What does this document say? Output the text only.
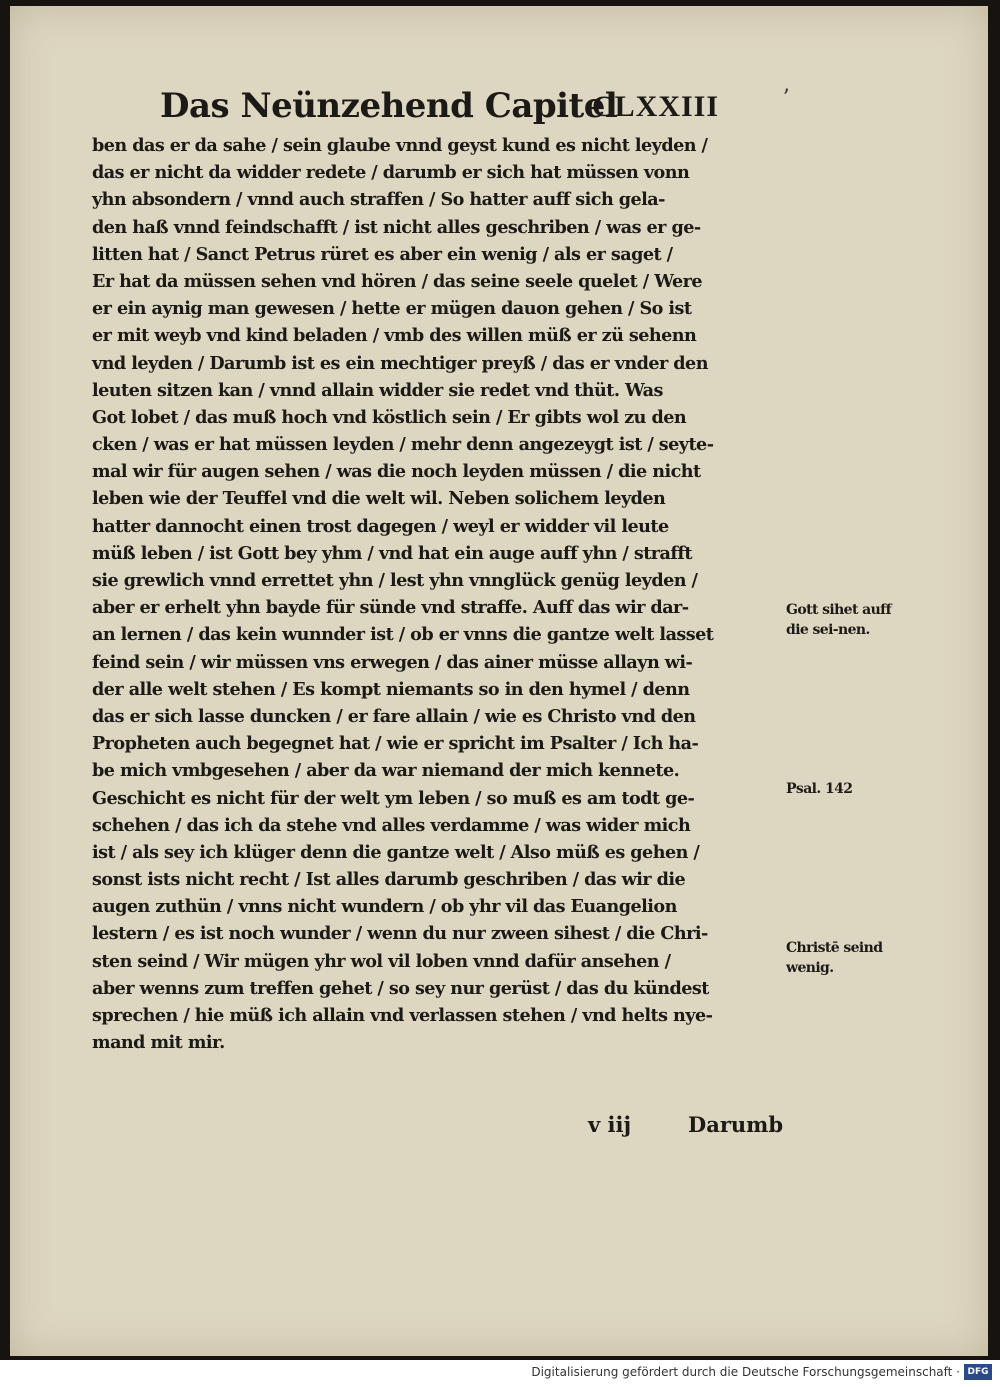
Das Neünzehend Capitel
CLXXIII	ʼ
ben das er da sahe / sein glaube vnnd geyst kund es nicht leyden /
das er nicht da widder redete / darumb er sich hat müssen vonn
yhn absondern / vnnd auch straffen / So hatter auff sich gela-
den haß vnnd feindschafft / ist nicht alles geschriben / was er ge-
litten hat / Sanct Petrus rüret es aber ein wenig / als er saget /
Er hat da müssen sehen vnd hören / das seine seele quelet / Were
er ein aynig man gewesen / hette er mügen dauon gehen / So ist
er mit weyb vnd kind beladen / vmb des willen müß er zü sehenn
vnd leyden / Darumb ist es ein mechtiger preyß / das er vnder den
leuten sitzen kan / vnnd allain widder sie redet vnd thüt. Was
Got lobet / das muß hoch vnd köstlich sein / Er gibts wol zu den
cken / was er hat müssen leyden / mehr denn angezeygt ist / seyte-
mal wir für augen sehen / was die noch leyden müssen / die nicht
leben wie der Teuffel vnd die welt wil. Neben solichem leyden
hatter dannocht einen trost dagegen / weyl er widder vil leute
müß leben / ist Gott bey yhm / vnd hat ein auge auff yhn / strafft
sie grewlich vnnd errettet yhn / lest yhn vnnglück genüg leyden /
aber er erhelt yhn bayde für sünde vnd straffe. Auff das wir dar-
an lernen / das kein wunnder ist / ob er vnns die gantze welt lasset
feind sein / wir müssen vns erwegen / das ainer müsse allayn wi-
der alle welt stehen / Es kompt niemants so in den hymel / denn
das er sich lasse duncken / er fare allain / wie es Christo vnd den
Propheten auch begegnet hat / wie er spricht im Psalter / Ich ha-
be mich vmbgesehen / aber da war niemand der mich kennete.
Geschicht es nicht für der welt ym leben / so muß es am todt ge-
schehen / das ich da stehe vnd alles verdamme / was wider mich
ist / als sey ich klüger denn die gantze welt / Also müß es gehen /
sonst ists nicht recht / Ist alles darumb geschriben / das wir die
augen zuthün / vnns nicht wundern / ob yhr vil das Euangelion
lestern / es ist noch wunder / wenn du nur zween sihest / die Chri-
sten seind / Wir mügen yhr wol vil loben vnnd dafür ansehen /
aber wenns zum treffen gehet / so sey nur gerüst / das du kündest
sprechen / hie müß ich allain vnd verlassen stehen / vnd helts nye-
mand mit mir.
Gott sihet auff die sei-nen.
Psal. 142
Christē seind wenig.
v iij	Darumb
Digitalisierung gefördert durch die Deutsche Forschungsgemeinschaft · DFG
